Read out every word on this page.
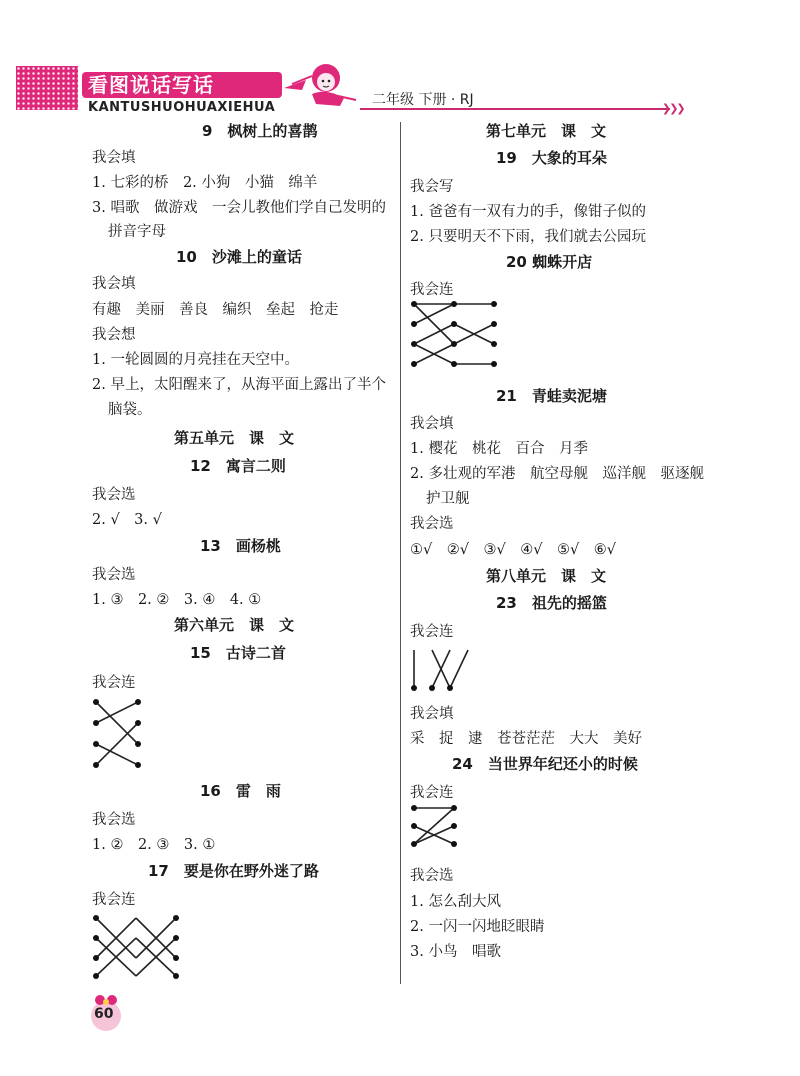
看图说话写话
KANTUSHUOHUAXIEHUA	二年级 下册 · RJ
❯❯❯
9　枫树上的喜鹊
我会填
1. 七彩的桥　2. 小狗　小猫　绵羊
3. 唱歌　做游戏　一会儿教他们学自己发明的
拼音字母
10　沙滩上的童话
我会填
有趣　美丽　善良　编织　垒起　抢走
我会想
1. 一轮圆圆的月亮挂在天空中。
2. 早上，太阳醒来了，从海平面上露出了半个
脑袋。
第五单元　课　文
12　寓言二则
我会选
2. √　3. √
13　画杨桃
我会选
1. ③　2. ②　3. ④　4. ①
第六单元　课　文
15　古诗二首
我会连
16　雷　雨
我会选
1. ②　2. ③　3. ①
17　要是你在野外迷了路
我会连
第七单元　课　文
19　大象的耳朵
我会写
1. 爸爸有一双有力的手，像钳子似的
2. 只要明天不下雨，我们就去公园玩
20 蜘蛛开店
我会连
21　青蛙卖泥塘
我会填
1. 樱花　桃花　百合　月季
2. 多壮观的军港　航空母舰　巡洋舰　驱逐舰
护卫舰
我会选
①√　②√　③√　④√　⑤√　⑥√
第八单元　课　文
23　祖先的摇篮
我会连
我会填
采　捉　逮　苍苍茫茫　大大　美好
24　当世界年纪还小的时候
我会连
我会选
1. 怎么刮大风
2. 一闪一闪地眨眼睛
3. 小鸟　唱歌
60
